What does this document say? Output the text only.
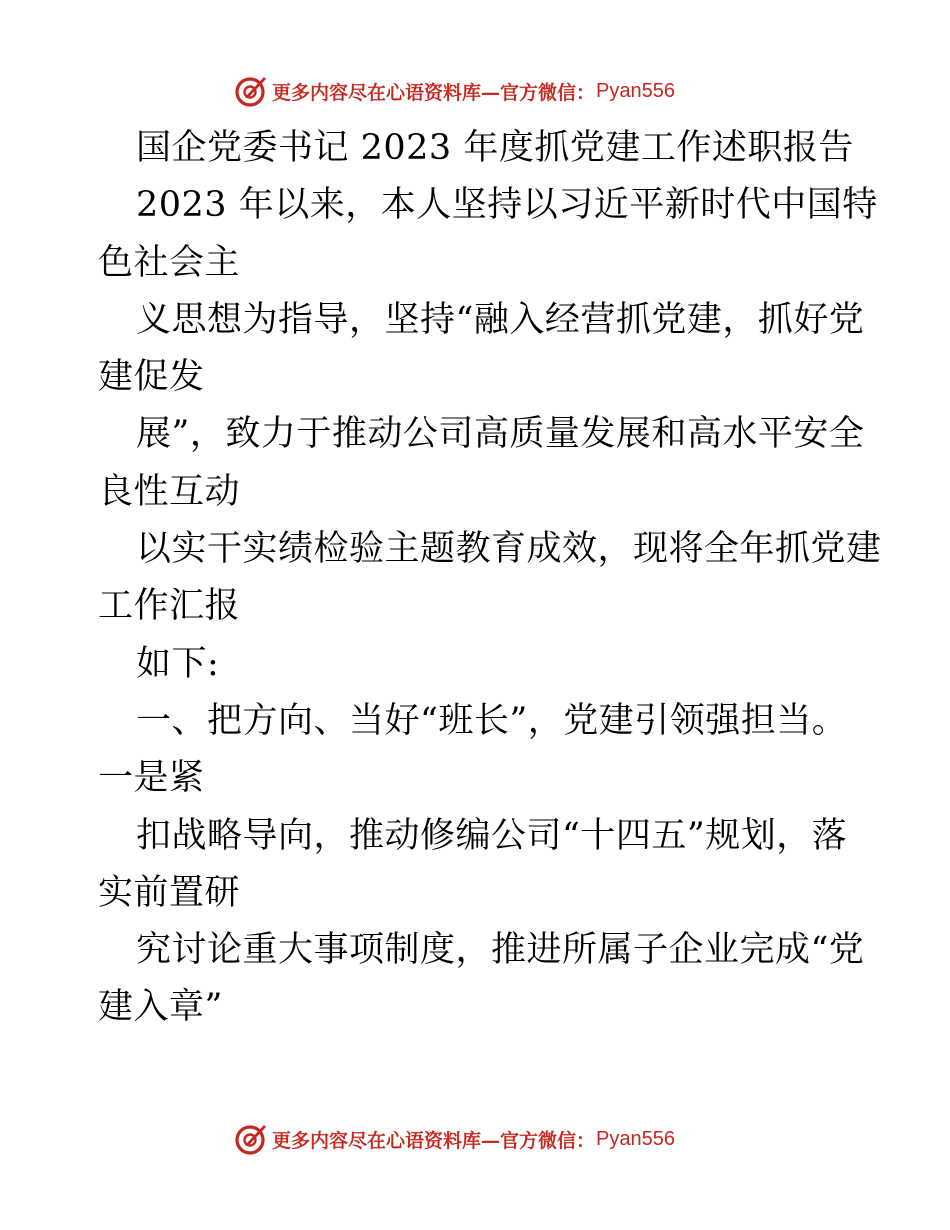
更多内容尽在心语资料库—官方微信： Pyan556
国企党委书记 2023 年度抓党建工作述职报告
2023 年以来，本人坚持以习近平新时代中国特
色社会主
义思想为指导，坚持“融入经营抓党建，抓好党
建促发
展”，致力于推动公司高质量发展和高水平安全
良性互动
以实干实绩检验主题教育成效，现将全年抓党建
工作汇报
如下:
一、把方向、当好“班长”，党建引领强担当。
一是紧
扣战略导向，推动修编公司“十四五”规划，落
实前置研
究讨论重大事项制度，推进所属子企业完成“党
建入章”
更多内容尽在心语资料库—官方微信： Pyan556
